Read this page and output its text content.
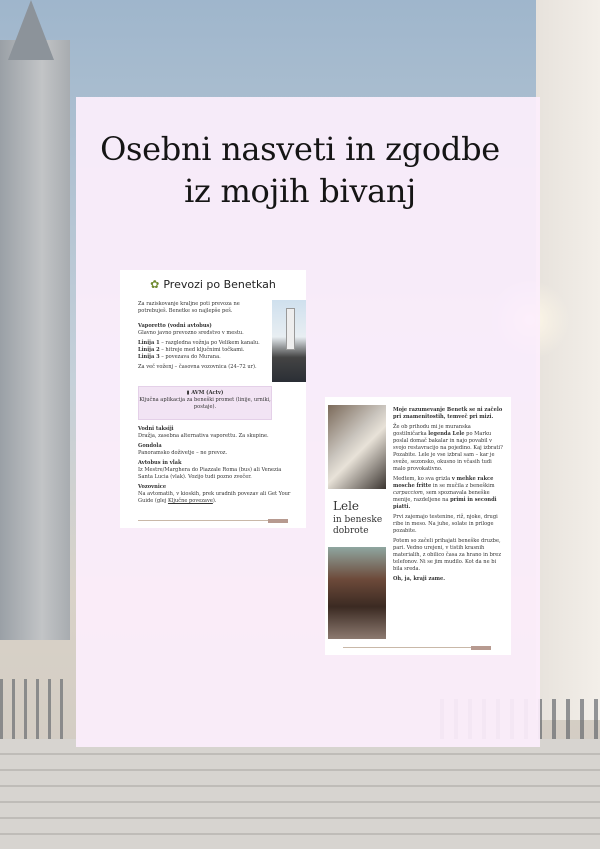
Osebni nasveti in zgodbe
iz mojih bivanj
✿ Prevozi po Benetkah
Za raziskovanje kraljne poti prevoza ne potrebuješ. Benetke so najlepše peš.

Vaporetto (vodni avtobus)
Glavno javno prevozno sredstvo v mestu.

Linija 1 – razgledna vožnja po Velikem kanalu.
Linija 2 – hitreje med ključnimi točkami.
Linija 3 – povezava do Murana.

Za več voženj – časovna vozovnica (24–72 ur).

▮ AVM (Actv)
Ključna aplikacija za beneški promet (linije, urniki, postaje).

Vodni taksiji
Dražja, zasebna alternativa vaporettu. Za skupine.

Gondola
Panoramsko doživetje – ne prevoz.

Avtobus in vlak
Iz Mestre/Marghera do Piazzale Roma (bus) ali Venezia Santa Lucia (vlak). Vozijo tudi pozno zvečer.

Vozovnice
Na avtomatih, v kioskih, prek uradnih povezav ali Get Your Guide (glej Ključne povezave).	Lele
in beneske dobrote

Moje razumevanje Benetk se ni začelo pri znamenitostih, temveč pri mizi.

Že ob prihodu mi je muranska gostilničarka legenda Lele po Marku poslal domač bakalar in najo povabil v svojo restavracijo na pojedino. Kaj izbrati? Pozabite. Lele je vse izbral sam – kar je sveže, sezonsko, okusno in včasih tudi malo provokativno.

Medtem, ko sva grizla v mehke rakce mosche fritte in se mučila z beneškim carpacciom, sem spoznavala beneške menije, razdeljene na primi in secondi piatti.

Prvi zajemajo testenine, riž, njoke, drugi ribe in meso. Na juhe, solate in priloge pozabite.

Potem so začeli prihajati beneške druzbe, pari. Vedno urejeni, v tistih krasnih materialih, z obilico časa za hrano in brez telefonov. Ni se jim mudilo. Kot da ne bi bila sreda.

Oh, ja, kraji zame.
